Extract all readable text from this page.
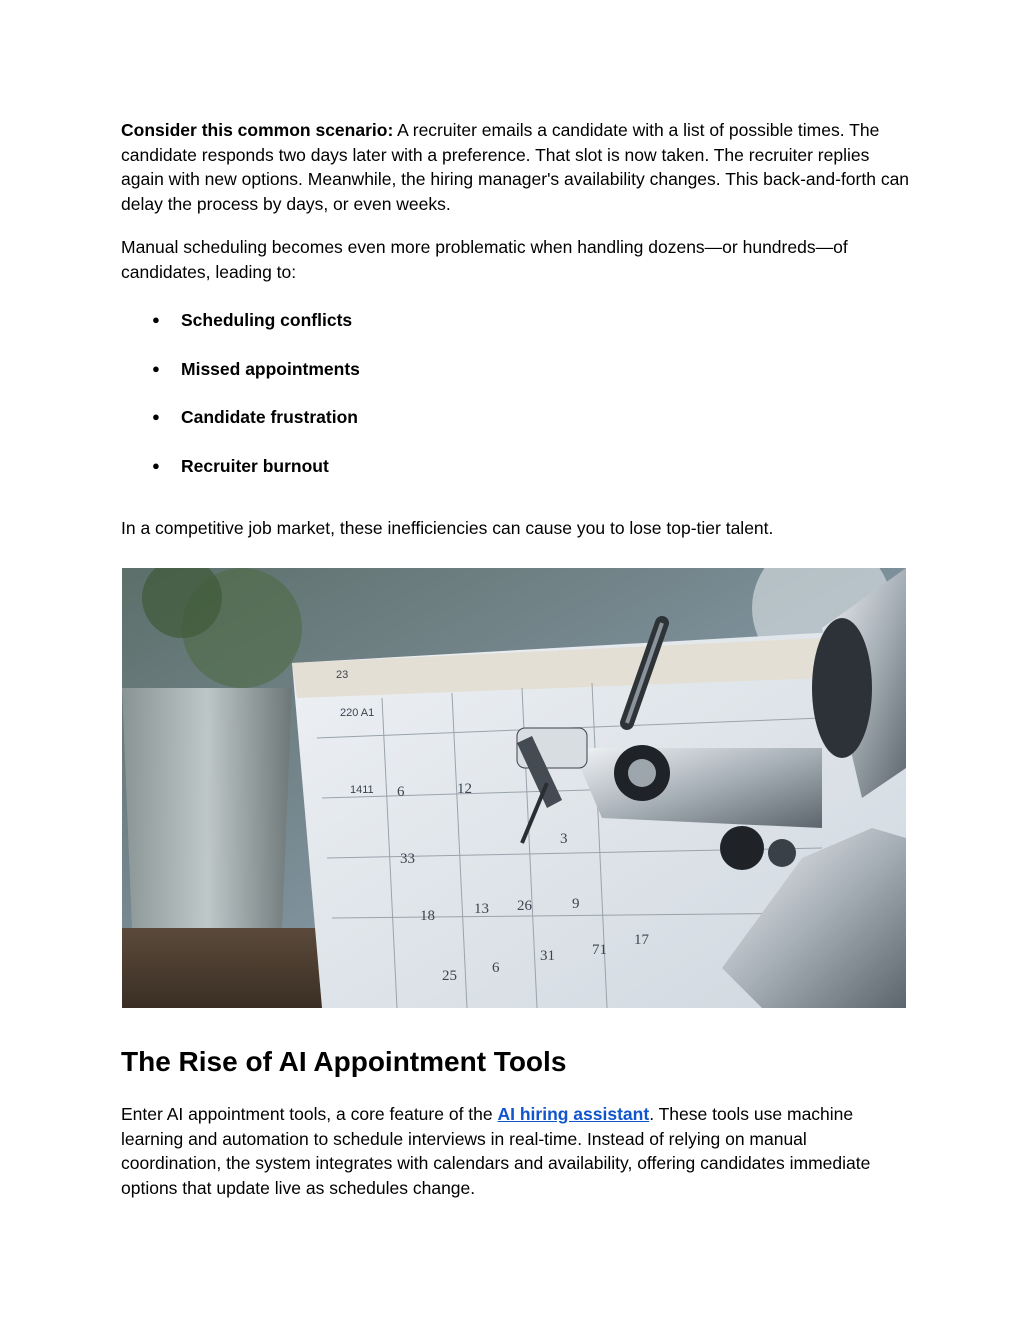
Consider this common scenario: A recruiter emails a candidate with a list of possible times. The candidate responds two days later with a preference. That slot is now taken. The recruiter replies again with new options. Meanwhile, the hiring manager's availability changes. This back-and-forth can delay the process by days, or even weeks.

Manual scheduling becomes even more problematic when handling dozens—or hundreds—of candidates, leading to:

● Scheduling conflicts
● Missed appointments
● Candidate frustration
● Recruiter burnout

In a competitive job market, these inefficiencies can cause you to lose top-tier talent.

23
220 A1
1411 6	12
3
33
13 26	9
18
25 6
31 71
17
The Rise of AI Appointment Tools

Enter AI appointment tools, a core feature of the AI hiring assistant. These tools use machine learning and automation to schedule interviews in real-time. Instead of relying on manual coordination, the system integrates with calendars and availability, offering candidates immediate options that update live as schedules change.
